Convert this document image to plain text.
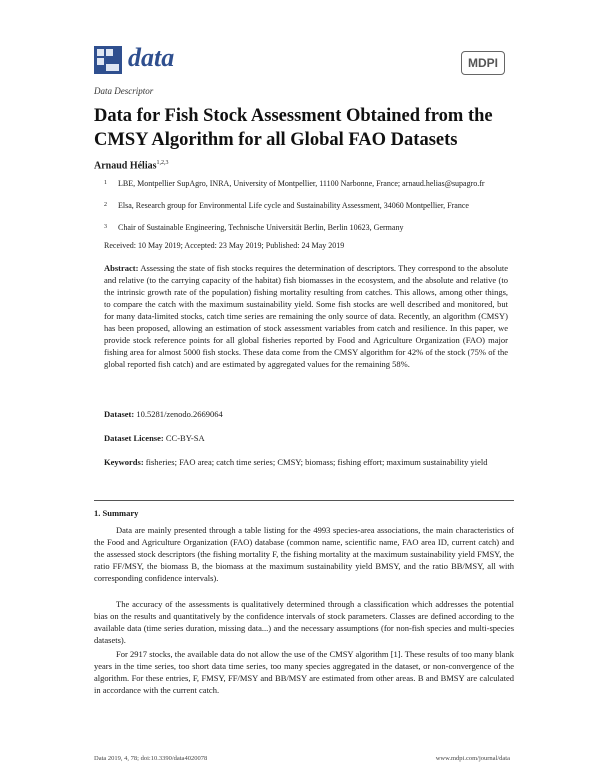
data	MDPI
Data Descriptor
Data for Fish Stock Assessment Obtained from the CMSY Algorithm for all Global FAO Datasets
Arnaud Hélias$^{1,2,3}$
1 LBE, Montpellier SupAgro, INRA, University of Montpellier, 11100 Narbonne, France; arnaud.helias@supagro.fr
2 Elsa, Research group for Environmental Life cycle and Sustainability Assessment, 34060 Montpellier, France
3 Chair of Sustainable Engineering, Technische Universität Berlin, Berlin 10623, Germany
Received: 10 May 2019; Accepted: 23 May 2019; Published: 24 May 2019
Abstract: Assessing the state of fish stocks requires the determination of descriptors. They correspond to the absolute and relative (to the carrying capacity of the habitat) fish biomasses in the ecosystem, and the absolute and relative (to the intrinsic growth rate of the population) fishing mortality resulting from catches. This allows, among other things, to compare the catch with the maximum sustainability yield. Some fish stocks are well described and monitored, but for many data-limited stocks, catch time series are remaining the only source of data. Recently, an algorithm (CMSY) has been proposed, allowing an estimation of stock assessment variables from catch and resilience. In this paper, we provide stock reference points for all global fisheries reported by Food and Agriculture Organization (FAO) major fishing area for almost 5000 fish stocks. These data come from the CMSY algorithm for 42% of the stock (75% of the global reported fish catch) and are estimated by aggregated values for the remaining 58%.
Dataset: 10.5281/zenodo.2669064
Dataset License: CC-BY-SA
Keywords: fisheries; FAO area; catch time series; CMSY; biomass; fishing effort; maximum sustainability yield
1. Summary
Data are mainly presented through a table listing for the 4993 species-area associations, the main characteristics of the Food and Agriculture Organization (FAO) database (common name, scientific name, FAO area ID, current catch) and the assessed stock descriptors (the fishing mortality F, the fishing mortality at the maximum sustainability yield FMSY, the ratio FF/MSY, the biomass B, the biomass at the maximum sustainability yield BMSY, and the ratio BB/MSY, all with corresponding confidence intervals).
The accuracy of the assessments is qualitatively determined through a classification which addresses the potential bias on the results and quantitatively by the confidence intervals of stock parameters. Classes are defined according to the available data (time series duration, missing data...) and the necessary assumptions (for non-fish species and multi-species datasets).
For 2917 stocks, the available data do not allow the use of the CMSY algorithm [1]. These results of too many blank years in the time series, too short data time series, too many species aggregated in the dataset, or non-convergence of the algorithm. For these entries, F, FMSY, FF/MSY and BB/MSY are estimated from other areas. B and BMSY are calculated in accordance with the current catch.
Data 2019, 4, 78; doi:10.3390/data4020078	www.mdpi.com/journal/data
